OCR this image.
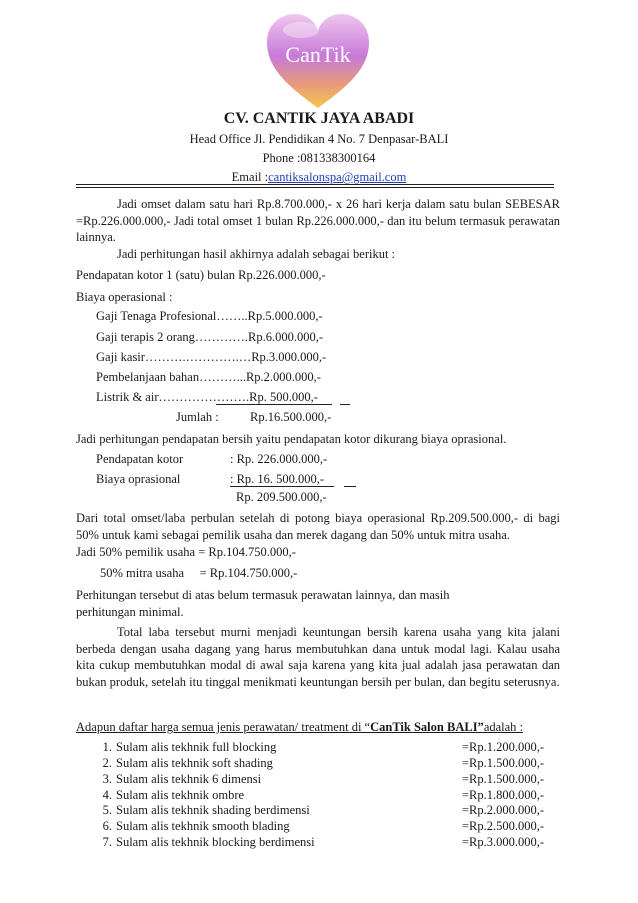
CanTik
CV. CANTIK JAYA ABADI
Head Office Jl. Pendidikan 4 No. 7 Denpasar-BALI
Phone :081338300164
Email :cantiksalonspa@gmail.com
Jadi omset dalam satu hari Rp.8.700.000,- x 26 hari kerja dalam satu bulan SEBESAR =Rp.226.000.000,- Jadi total omset 1 bulan Rp.226.000.000,- dan itu belum termasuk perawatan lainnya.
Jadi perhitungan hasil akhirnya adalah sebagai berikut :
Pendapatan kotor 1 (satu) bulan Rp.226.000.000,-
Biaya operasional :
Gaji Tenaga Profesional……..Rp.5.000.000,-
Gaji terapis 2 orang………….Rp.6.000.000,-
Gaji kasir……….………….…Rp.3.000.000,-
Pembelanjaan bahan………...Rp.2.000.000,-
Listrik & air………………….Rp. 500.000,-
Jumlah :	Rp.16.500.000,-
Jadi perhitungan pendapatan bersih yaitu pendapatan kotor dikurang biaya oprasional.
Pendapatan kotor	: Rp. 226.000.000,-
Biaya oprasional	: Rp. 16. 500.000,-
Rp. 209.500.000,-
Dari total omset/laba perbulan setelah di potong biaya operasional Rp.209.500.000,- di bagi 50% untuk kami sebagai pemilik usaha dan merek dagang dan 50% untuk mitra usaha.
Jadi 50% pemilik usaha = Rp.104.750.000,-
50% mitra usaha     = Rp.104.750.000,-
Perhitungan tersebut di atas belum termasuk perawatan lainnya, dan masih perhitungan minimal.
Total laba tersebut murni menjadi keuntungan bersih karena usaha yang kita jalani berbeda dengan usaha dagang yang harus membutuhkan dana untuk modal lagi. Kalau usaha kita cukup membutuhkan modal di awal saja karena yang kita jual adalah jasa perawatan dan bukan produk, setelah itu tinggal menikmati keuntungan bersih per bulan, dan begitu seterusnya.
Adapun daftar harga semua jenis perawatan/ treatment di “CanTik Salon BALI”adalah :
1. Sulam alis tekhnik full blocking	=Rp.1.200.000,-
2. Sulam alis tekhnik soft shading	=Rp.1.500.000,-
3. Sulam alis tekhnik 6 dimensi	=Rp.1.500.000,-
4. Sulam alis tekhnik ombre	=Rp.1.800.000,-
5. Sulam alis tekhnik shading berdimensi	=Rp.2.000.000,-
6. Sulam alis tekhnik smooth blading	=Rp.2.500.000,-
7. Sulam alis tekhnik blocking berdimensi	=Rp.3.000.000,-
